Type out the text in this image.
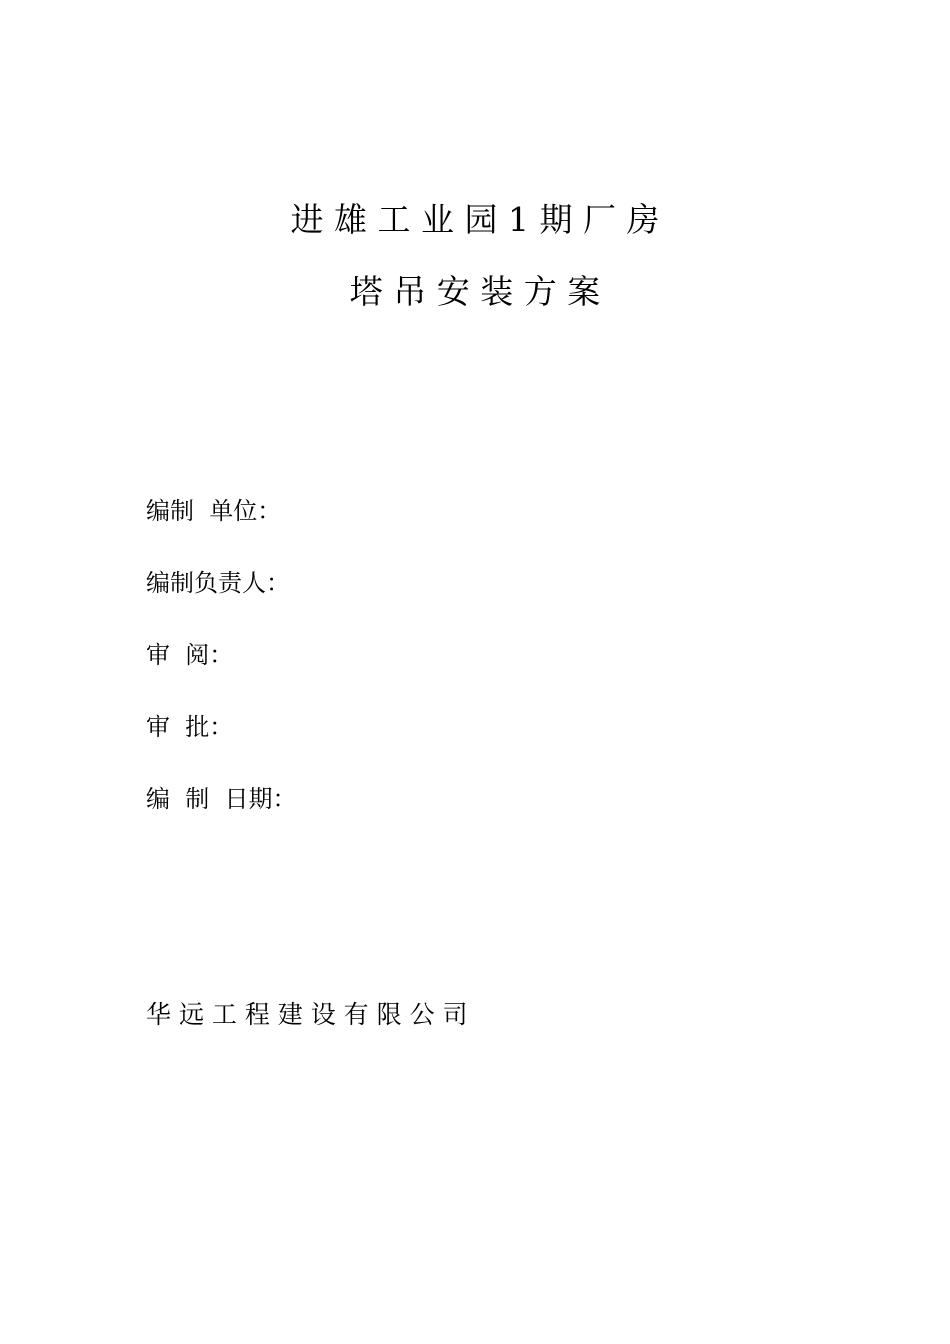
进 雄 工 业 园 1 期 厂 房
塔 吊 安 装 方 案
编制  单位：
编制负责人：
审  阅：
审  批：
编  制  日期：
华 远 工 程 建 设 有 限 公 司
